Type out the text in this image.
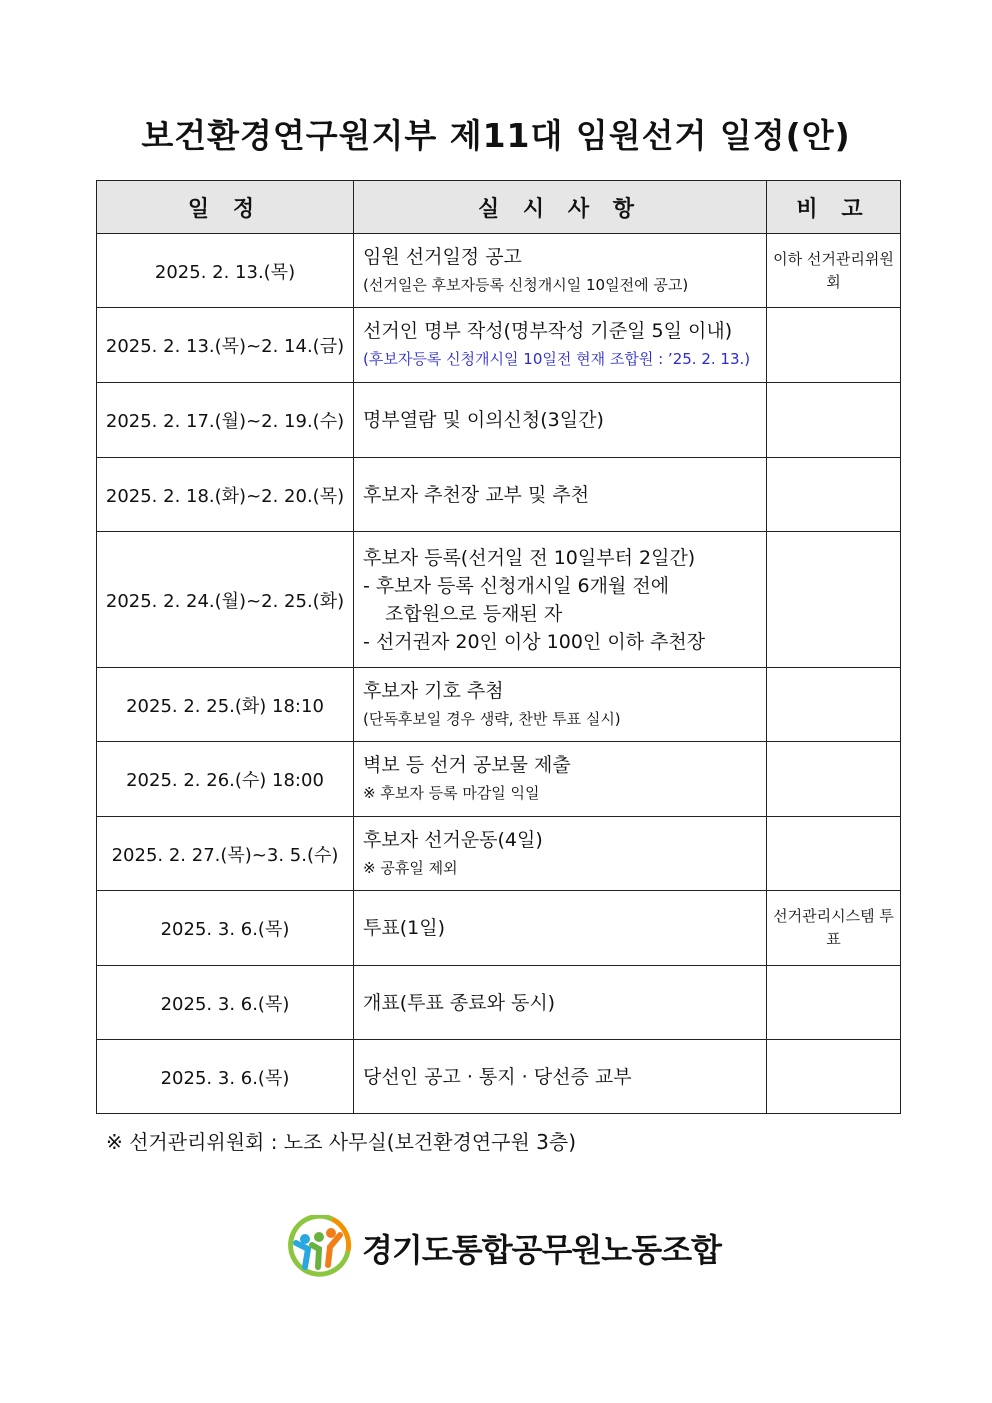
보건환경연구원지부 제11대 임원선거 일정(안)
일 정	실 시 사 항	비 고
2025. 2. 13.(목)	임원 선거일정 공고
(선거일은 후보자등록 신청개시일 10일전에 공고)	이하 선거관리위원회
2025. 2. 13.(목)~2. 14.(금)	선거인 명부 작성(명부작성 기준일 5일 이내)
(후보자등록 신청개시일 10일전 현재 조합원 : ’25. 2. 13.)	

2025. 2. 17.(월)~2. 19.(수)	명부열람 및 이의신청(3일간)	

2025. 2. 18.(화)~2. 20.(목)	후보자 추천장 교부 및 추천	

2025. 2. 24.(월)~2. 25.(화)	후보자 등록(선거일 전 10일부터 2일간)
- 후보자 등록 신청개시일 6개월 전에
조합원으로 등재된 자
- 선거권자 20인 이상 100인 이하 추천장	

2025. 2. 25.(화) 18:10	후보자 기호 추첨
(단독후보일 경우 생략, 찬반 투표 실시)	

2025. 2. 26.(수) 18:00	벽보 등 선거 공보물 제출
※ 후보자 등록 마감일 익일	

2025. 2. 27.(목)~3. 5.(수)	후보자 선거운동(4일)
※ 공휴일 제외	

2025. 3. 6.(목)	투표(1일)	선거관리시스템 투표
2025. 3. 6.(목)	개표(투표 종료와 동시)	

2025. 3. 6.(목)	당선인 공고 · 통지 · 당선증 교부	

※ 선거관리위원회 : 노조 사무실(보건환경연구원 3층)
경기도통합공무원노동조합
